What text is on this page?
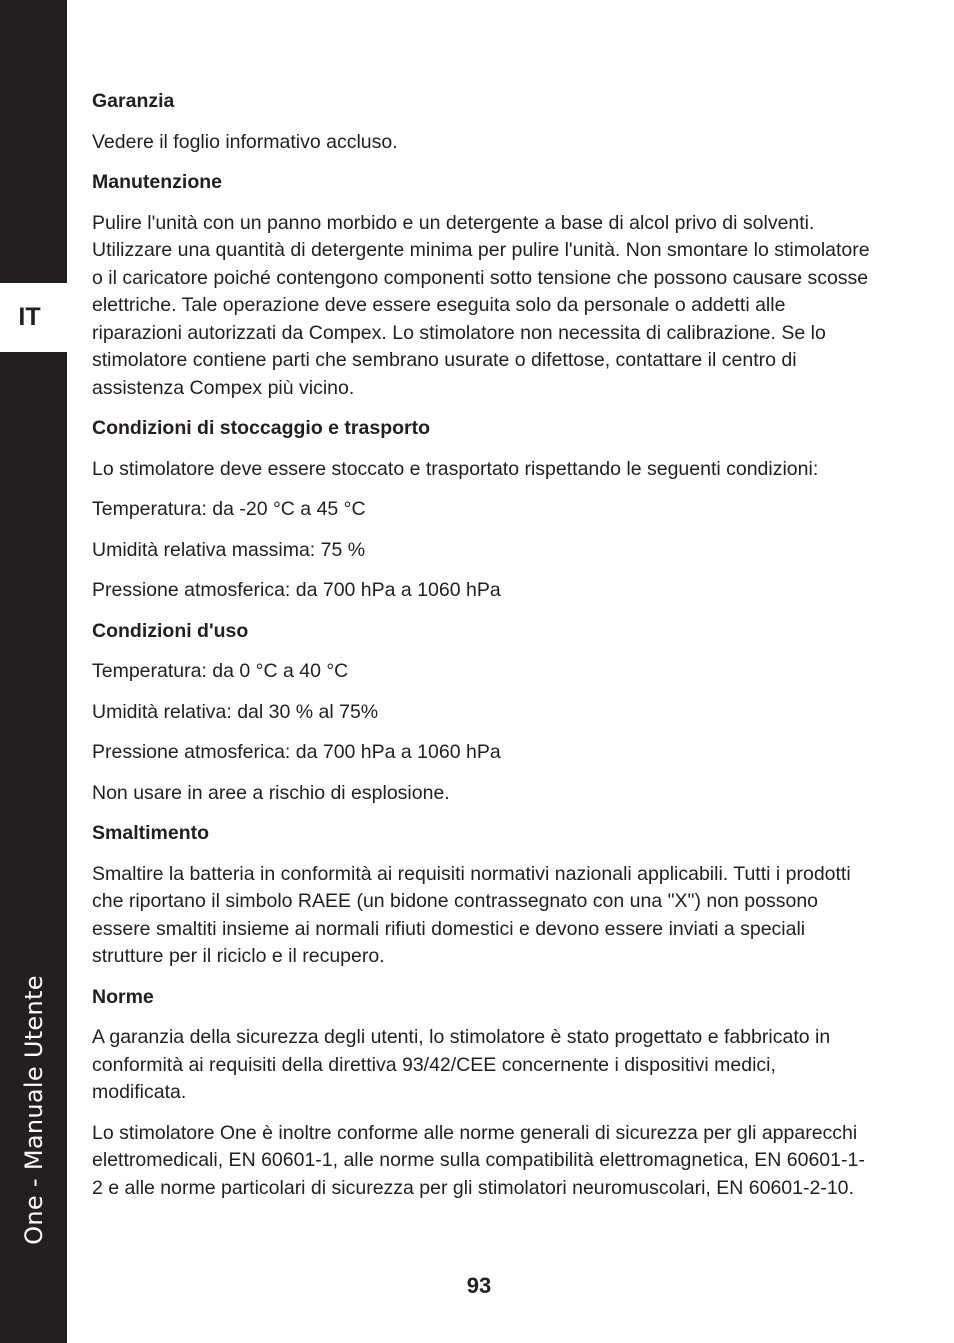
IT
One - Manuale Utente
Garanzia

Vedere il foglio informativo accluso.

Manutenzione

Pulire l'unità con un panno morbido e un detergente a base di alcol privo di solventi. Utilizzare una quantità di detergente minima per pulire l'unità. Non smontare lo stimolatore o il caricatore poiché contengono componenti sotto tensione che possono causare scosse elettriche. Tale operazione deve essere eseguita solo da personale o addetti alle riparazioni autorizzati da Compex. Lo stimolatore non necessita di calibrazione. Se lo stimolatore contiene parti che sembrano usurate o difettose, contattare il centro di assistenza Compex più vicino.

Condizioni di stoccaggio e trasporto

Lo stimolatore deve essere stoccato e trasportato rispettando le seguenti condizioni:

Temperatura: da -20 °C a 45 °C

Umidità relativa massima: 75 %

Pressione atmosferica: da 700 hPa a 1060 hPa

Condizioni d'uso

Temperatura: da 0 °C a 40 °C

Umidità relativa: dal 30 % al 75%

Pressione atmosferica: da 700 hPa a 1060 hPa

Non usare in aree a rischio di esplosione.

Smaltimento

Smaltire la batteria in conformità ai requisiti normativi nazionali applicabili. Tutti i prodotti che riportano il simbolo RAEE (un bidone contrassegnato con una "X") non possono essere smaltiti insieme ai normali rifiuti domestici e devono essere inviati a speciali strutture per il riciclo e il recupero.

Norme

A garanzia della sicurezza degli utenti, lo stimolatore è stato progettato e fabbricato in conformità ai requisiti della direttiva 93/42/CEE concernente i dispositivi medici, modificata.

Lo stimolatore One è inoltre conforme alle norme generali di sicurezza per gli apparecchi elettromedicali, EN 60601-1, alle norme sulla compatibilità elettromagnetica, EN 60601-1-2 e alle norme particolari di sicurezza per gli stimolatori neuromuscolari, EN 60601-2-10.

93
